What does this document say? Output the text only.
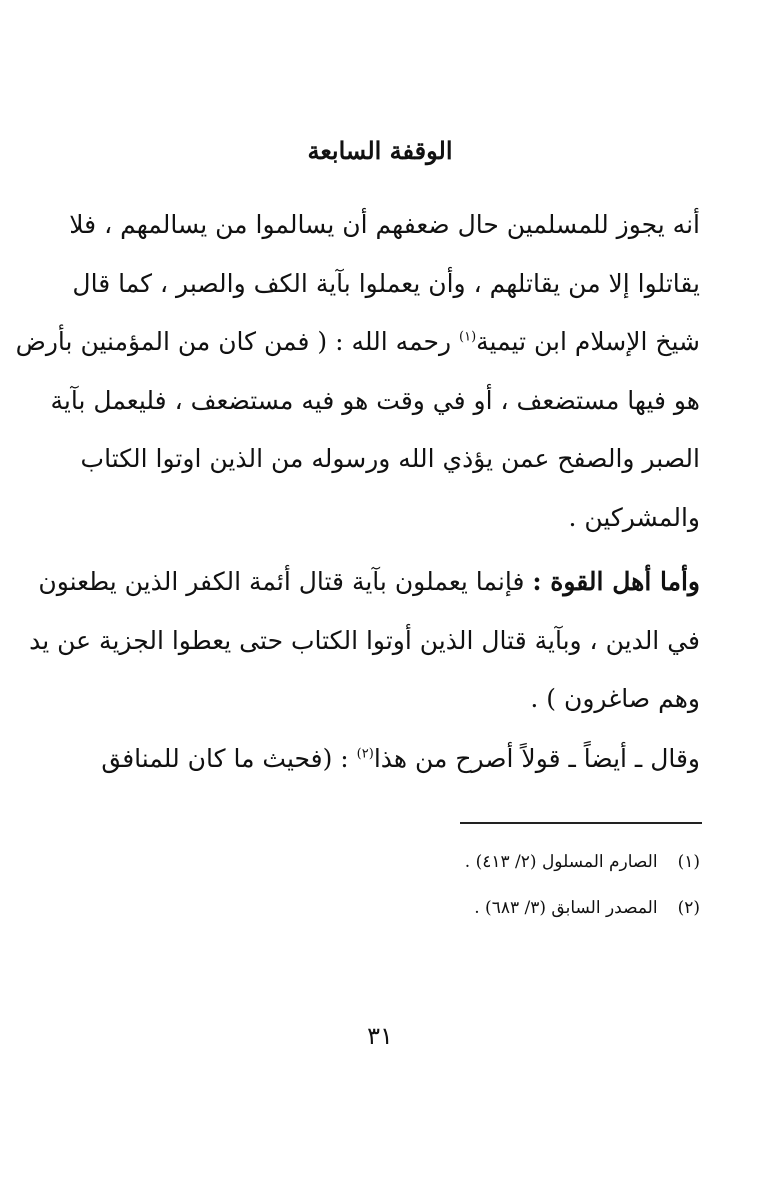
الوقفة السابعة
أنه يجوز للمسلمين حال ضعفهم أن يسالموا من يسالمهم ، فلا
يقاتلوا إلا من يقاتلهم ، وأن يعملوا بآية الكف والصبر ، كما قال
شيخ الإسلام ابن تيمية$^{(١)}$ رحمه الله : ( فمن كان من المؤمنين بأرض
هو فيها مستضعف ، أو في وقت هو فيه مستضعف ، فليعمل بآية
الصبر والصفح عمن يؤذي الله ورسوله من الذين اوتوا الكتاب
والمشركين .
وأما أهل القوة : فإنما يعملون بآية قتال أئمة الكفر الذين يطعنون
في الدين ، وبآية قتال الذين أوتوا الكتاب حتى يعطوا الجزية عن يد
وهم صاغرون ) .
وقال ـ أيضاً ـ قولاً أصرح من هذا$^{(٢)}$ : (فحيث ما كان للمنافق
(١)الصارم المسلول (٢/ ٤١٣) .
(٢)المصدر السابق (٣/ ٦٨٣) .
٣١
